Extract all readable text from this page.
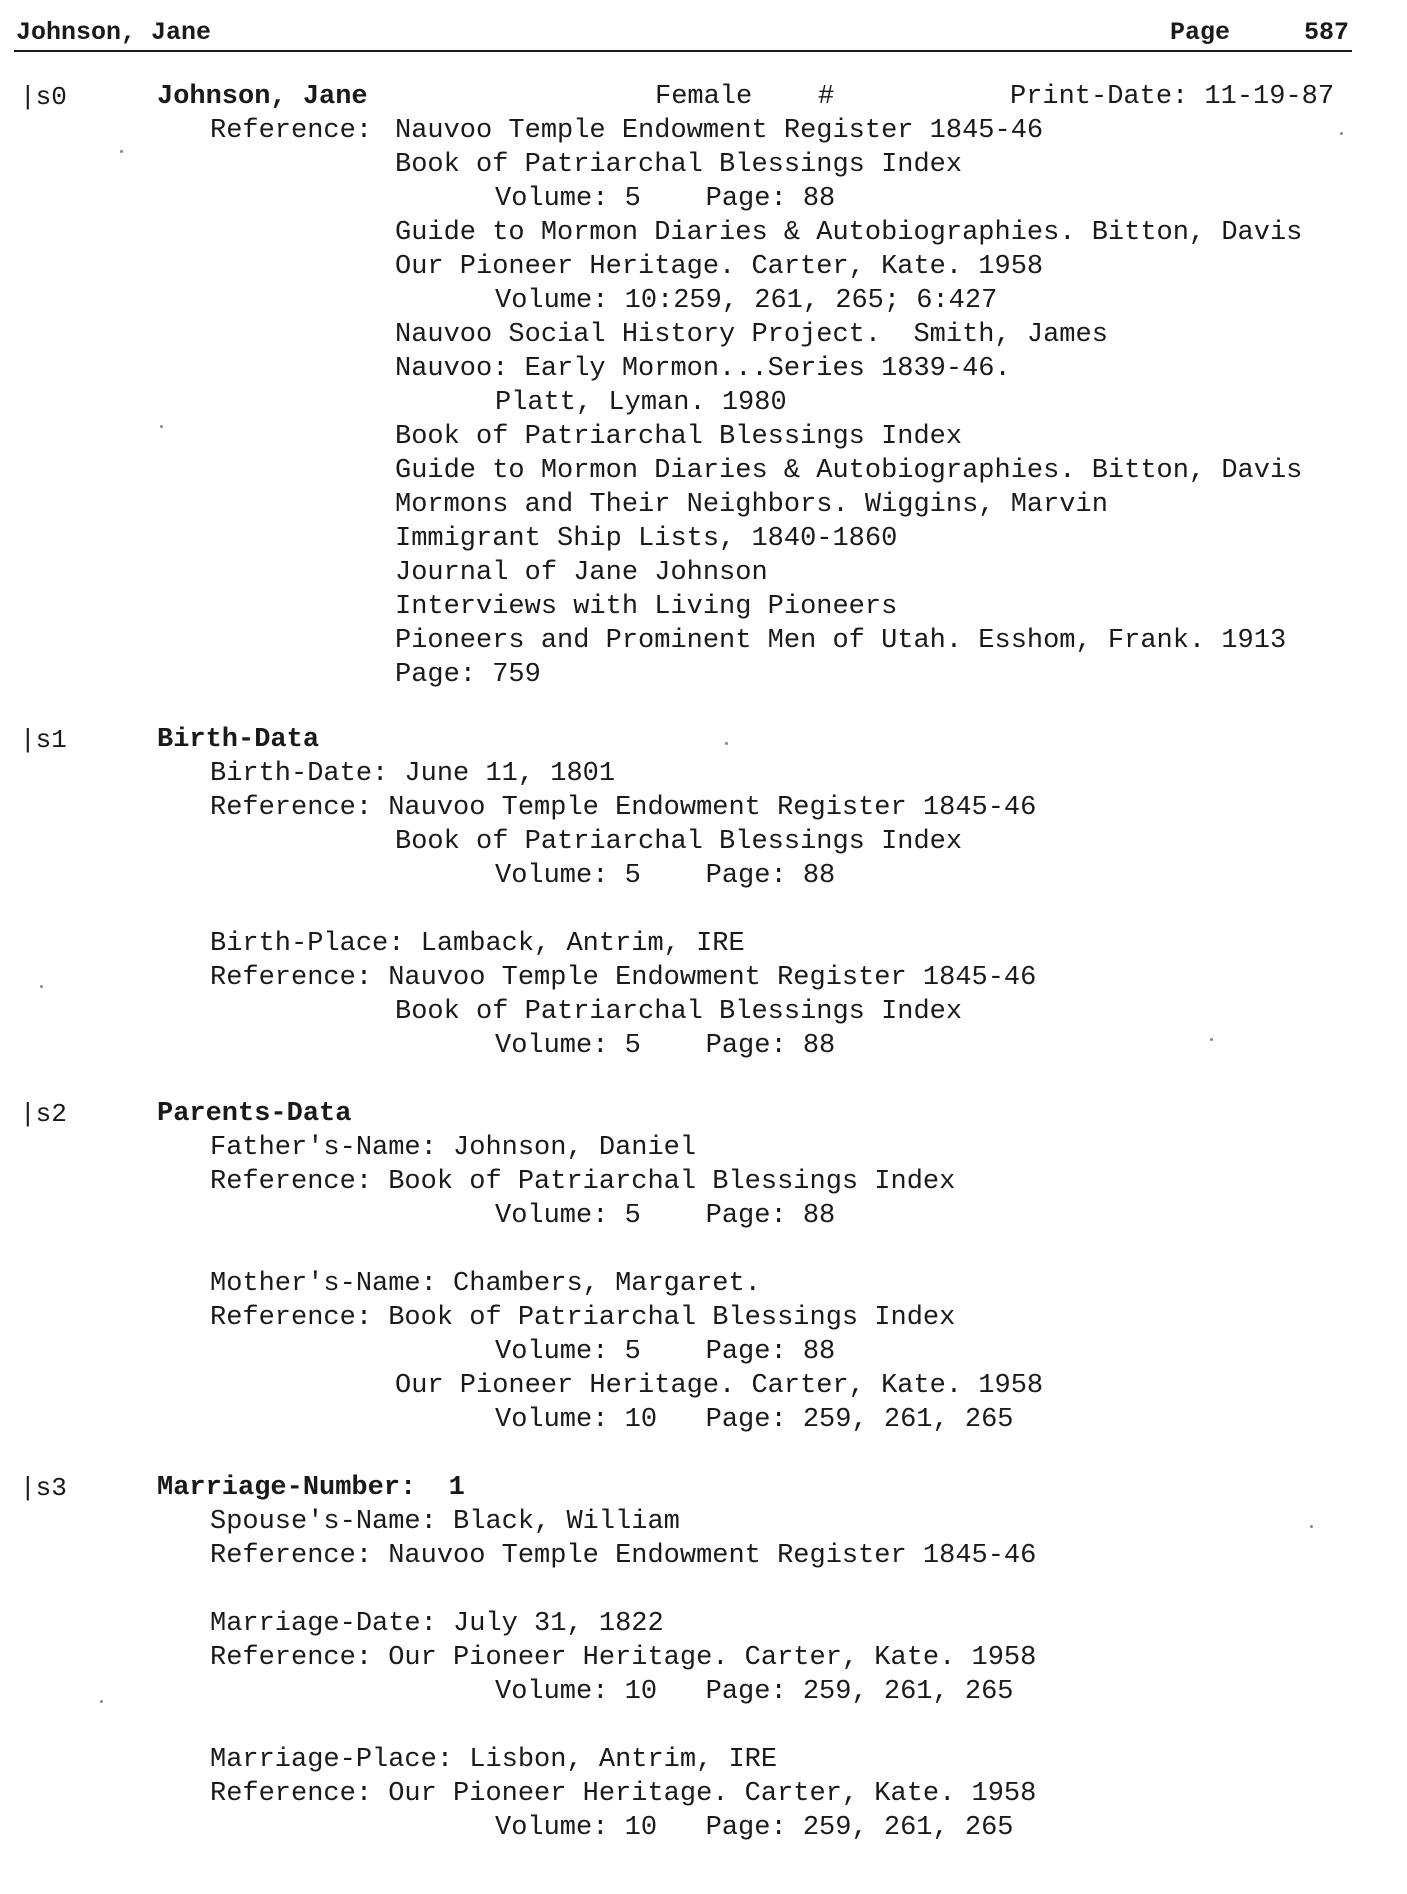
Johnson, Jane	Page	587
|s0	Johnson, Jane	Female #	Print-Date: 11-19-87
Reference: Nauvoo Temple Endowment Register 1845-46
Book of Patriarchal Blessings Index
Volume: 5    Page: 88
Guide to Mormon Diaries & Autobiographies. Bitton, Davis
Our Pioneer Heritage. Carter, Kate. 1958
Volume: 10:259, 261, 265; 6:427
Nauvoo Social History Project.  Smith, James
Nauvoo: Early Mormon...Series 1839-46.
Platt, Lyman. 1980
Book of Patriarchal Blessings Index
Guide to Mormon Diaries & Autobiographies. Bitton, Davis
Mormons and Their Neighbors. Wiggins, Marvin
Immigrant Ship Lists, 1840-1860
Journal of Jane Johnson
Interviews with Living Pioneers
Pioneers and Prominent Men of Utah. Esshom, Frank. 1913
Page: 759
|s1	Birth-Data
Birth-Date: June 11, 1801
Reference: Nauvoo Temple Endowment Register 1845-46
Book of Patriarchal Blessings Index
Volume: 5    Page: 88
Birth-Place: Lamback, Antrim, IRE
Reference: Nauvoo Temple Endowment Register 1845-46
Book of Patriarchal Blessings Index
Volume: 5    Page: 88
|s2	Parents-Data
Father's-Name: Johnson, Daniel
Reference: Book of Patriarchal Blessings Index
Volume: 5    Page: 88
Mother's-Name: Chambers, Margaret.
Reference: Book of Patriarchal Blessings Index
Volume: 5    Page: 88
Our Pioneer Heritage. Carter, Kate. 1958
Volume: 10   Page: 259, 261, 265
|s3	Marriage-Number:  1
Spouse's-Name: Black, William
Reference: Nauvoo Temple Endowment Register 1845-46
Marriage-Date: July 31, 1822
Reference: Our Pioneer Heritage. Carter, Kate. 1958
Volume: 10   Page: 259, 261, 265
Marriage-Place: Lisbon, Antrim, IRE
Reference: Our Pioneer Heritage. Carter, Kate. 1958
Volume: 10   Page: 259, 261, 265
